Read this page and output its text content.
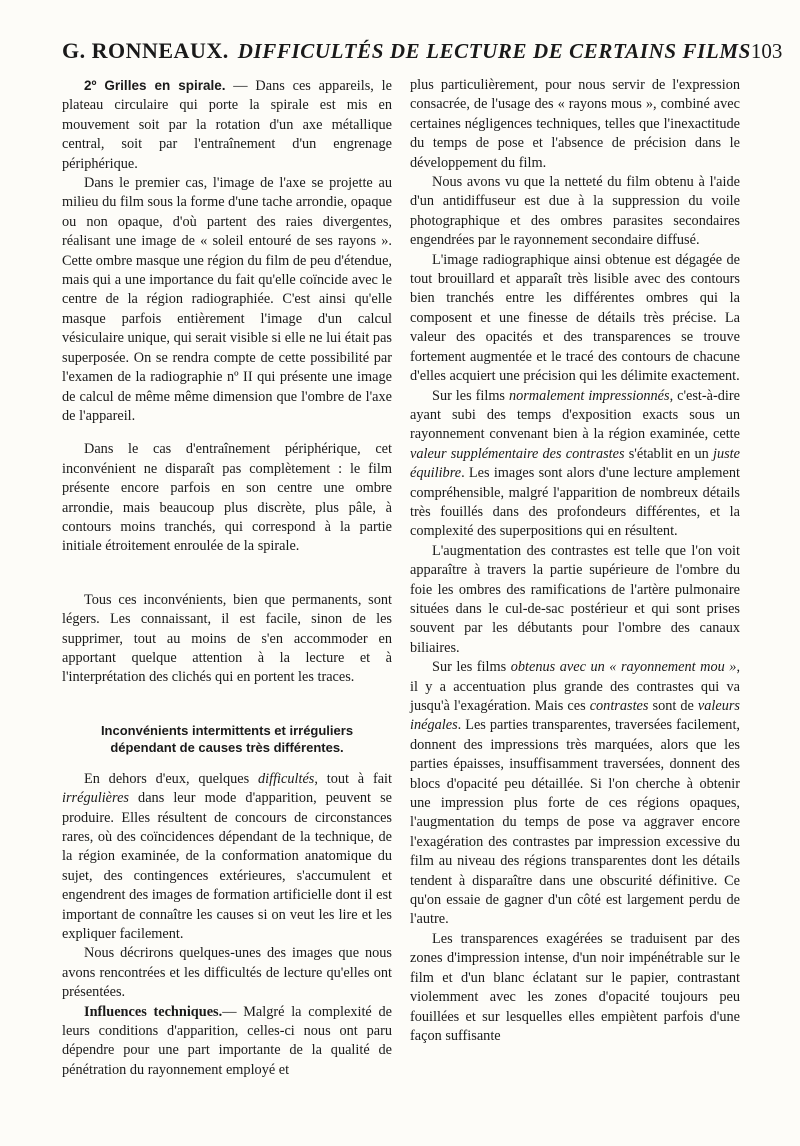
G. RONNEAUX. DIFFICULTÉS DE LECTURE DE CERTAINS FILMS 103

2º Grilles en spirale. — Dans ces appareils, le plateau circulaire qui porte la spirale est mis en mouvement soit par la rotation d'un axe métallique central, soit par l'entraînement d'un engrenage périphérique.

Dans le premier cas, l'image de l'axe se projette au milieu du film sous la forme d'une tache arrondie, opaque ou non opaque, d'où partent des raies divergentes, réalisant une image de « soleil entouré de ses rayons ». Cette ombre masque une région du film de peu d'étendue, mais qui a une importance du fait qu'elle coïncide avec le centre de la région radiographiée. C'est ainsi qu'elle masque parfois entièrement l'image d'un calcul vésiculaire unique, qui serait visible si elle ne lui était pas superposée. On se rendra compte de cette possibilité par l'examen de la radiographie nº II qui présente une image de calcul de même même dimension que l'ombre de l'axe de l'appareil.

Dans le cas d'entraînement périphérique, cet inconvénient ne disparaît pas complètement : le film présente encore parfois en son centre une ombre arrondie, mais beaucoup plus discrète, plus pâle, à contours moins tranchés, qui correspond à la partie initiale étroitement enroulée de la spirale.

Tous ces inconvénients, bien que permanents, sont légers. Les connaissant, il est facile, sinon de les supprimer, tout au moins de s'en accommoder en apportant quelque attention à la lecture et à l'interprétation des clichés qui en portent les traces.

Inconvénients intermittents et irréguliers
dépendant de causes très différentes.

En dehors d'eux, quelques difficultés, tout à fait irrégulières dans leur mode d'apparition, peuvent se produire. Elles résultent de concours de circonstances rares, où des coïncidences dépendant de la technique, de la région examinée, de la conformation anatomique du sujet, des contingences extérieures, s'accumulent et engendrent des images de formation artificielle dont il est important de connaître les causes si on veut les lire et les expliquer facilement.

Nous décrirons quelques-unes des images que nous avons rencontrées et les difficultés de lecture qu'elles ont présentées.

Influences techniques.— Malgré la complexité de leurs conditions d'apparition, celles-ci nous ont paru dépendre pour une part importante de la qualité de pénétration du rayonnement employé et

plus particulièrement, pour nous servir de l'expression consacrée, de l'usage des « rayons mous », combiné avec certaines négligences techniques, telles que l'inexactitude du temps de pose et l'absence de précision dans le développement du film.

Nous avons vu que la netteté du film obtenu à l'aide d'un antidiffuseur est due à la suppression du voile photographique et des ombres parasites secondaires engendrées par le rayonnement secondaire diffusé.

L'image radiographique ainsi obtenue est dégagée de tout brouillard et apparaît très lisible avec des contours bien tranchés entre les différentes ombres qui la composent et une finesse de détails très précise. La valeur des opacités et des transparences se trouve fortement augmentée et le tracé des contours de chacune d'elles acquiert une précision qui les délimite exactement.

Sur les films normalement impressionnés, c'est-à-dire ayant subi des temps d'exposition exacts sous un rayonnement convenant bien à la région examinée, cette valeur supplémentaire des contrastes s'établit en un juste équilibre. Les images sont alors d'une lecture amplement compréhensible, malgré l'apparition de nombreux détails très fouillés dans des profondeurs différentes, et la complexité des superpositions qui en résultent.

L'augmentation des contrastes est telle que l'on voit apparaître à travers la partie supérieure de l'ombre du foie les ombres des ramifications de l'artère pulmonaire situées dans le cul-de-sac postérieur et qui sont prises souvent par les débutants pour l'ombre des canaux biliaires.

Sur les films obtenus avec un « rayonnement mou », il y a accentuation plus grande des contrastes qui va jusqu'à l'exagération. Mais ces contrastes sont de valeurs inégales. Les parties transparentes, traversées facilement, donnent des impressions très marquées, alors que les parties épaisses, insuffisamment traversées, donnent des blocs d'opacité peu détaillée. Si l'on cherche à obtenir une impression plus forte de ces régions opaques, l'augmentation du temps de pose va aggraver encore l'exagération des contrastes par impression excessive du film au niveau des régions transparentes dont les détails tendent à disparaître dans une obscurité définitive. Ce qu'on essaie de gagner d'un côté est largement perdu de l'autre.

Les transparences exagérées se traduisent par des zones d'impression intense, d'un noir impénétrable sur le film et d'un blanc éclatant sur le papier, contrastant violemment avec les zones d'opacité toujours peu fouillées et sur lesquelles elles empiètent parfois d'une façon suffisante
